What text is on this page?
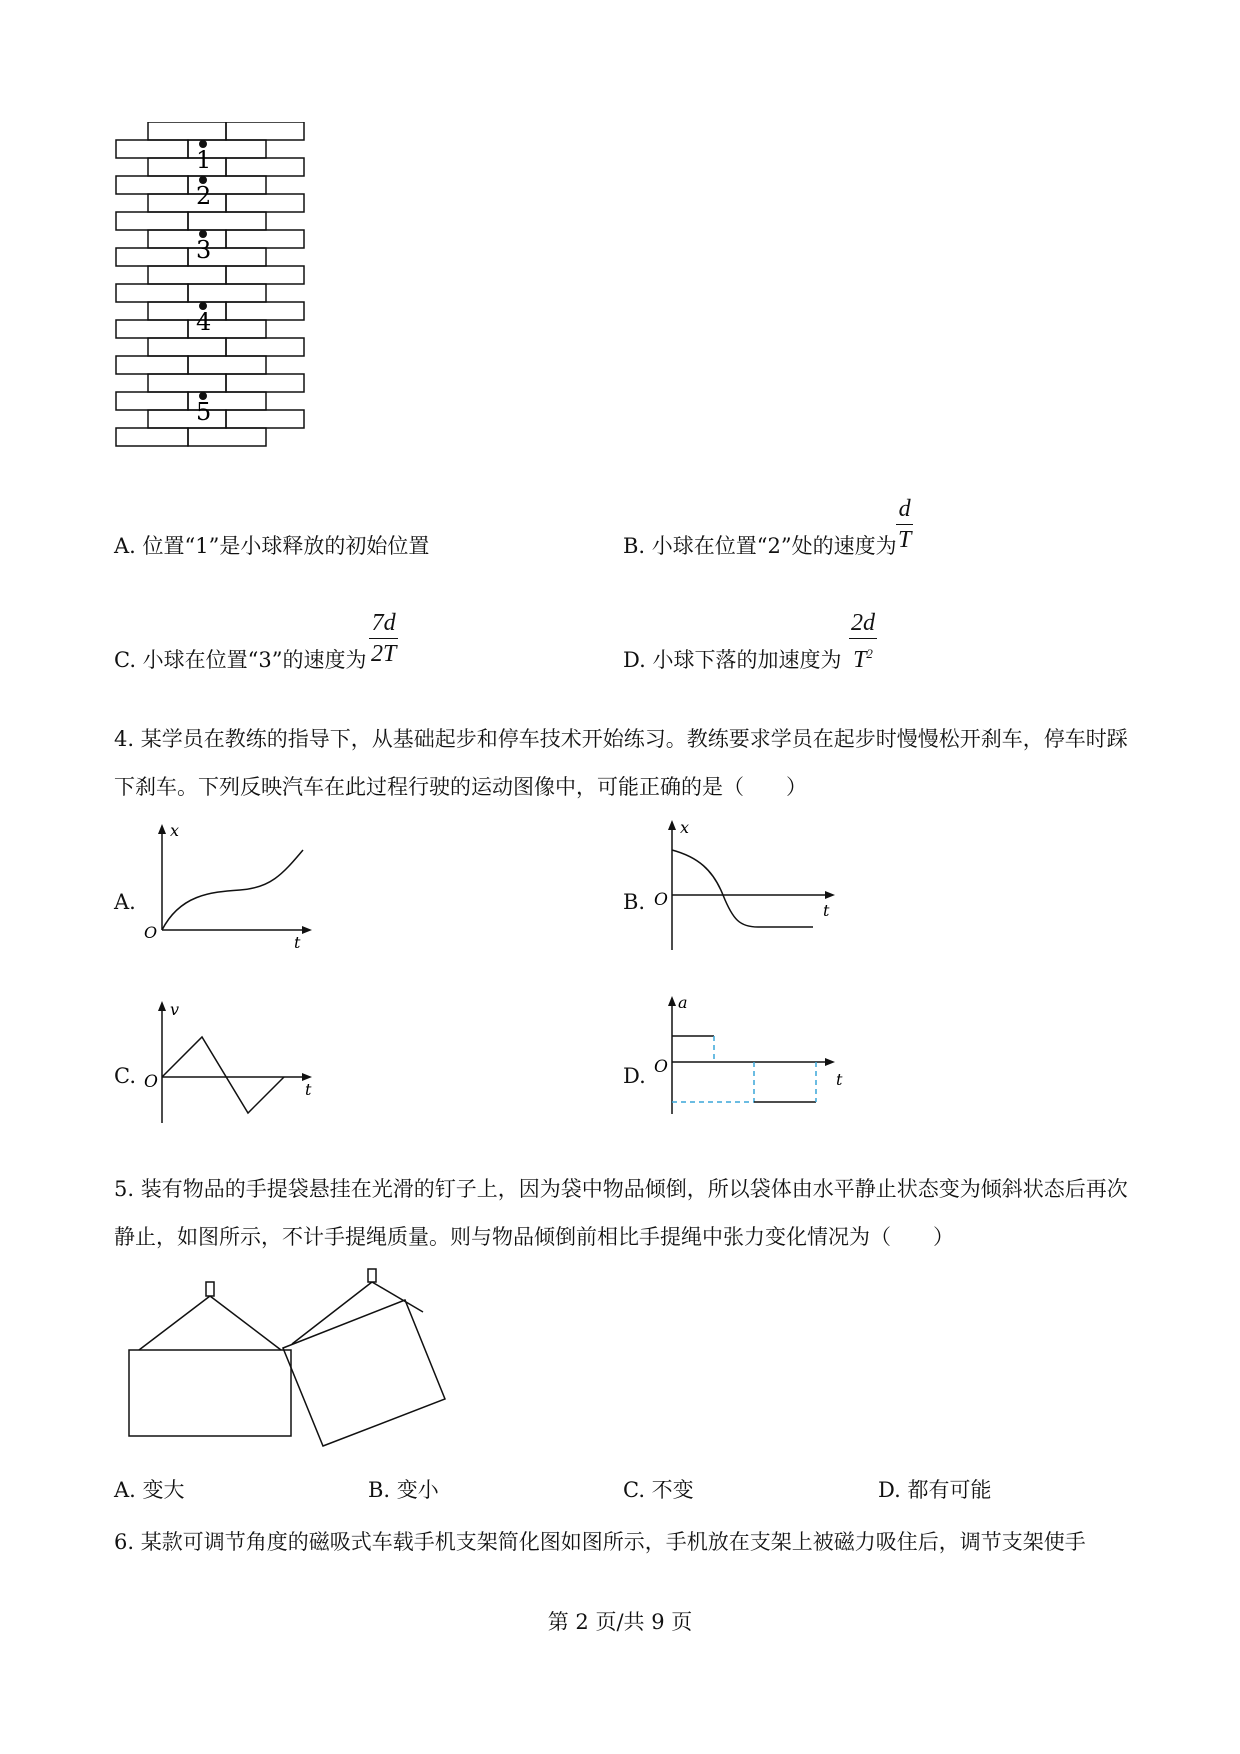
1
2
3
4
5
A. 位置“1”是小球释放的初始位置	B. 小球在位置“2”处的速度为
d
T
C. 小球在位置“3”的速度为
7d
2T	D. 小球下落的加速度为
2d
$T^2$
4. 某学员在教练的指导下，从基础起步和停车技术开始练习。教练要求学员在起步时慢慢松开刹车，停车时踩下刹车。下列反映汽车在此过程行驶的运动图像中，可能正确的是（　　）
A.
x
t
O
B.
x
t
O
C.
v
t
O	D.
a
t
O
5. 装有物品的手提袋悬挂在光滑的钉子上，因为袋中物品倾倒，所以袋体由水平静止状态变为倾斜状态后再次静止，如图所示，不计手提绳质量。则与物品倾倒前相比手提绳中张力变化情况为（　　）
A. 变大	B. 变小	C. 不变	D. 都有可能
6. 某款可调节角度的磁吸式车载手机支架简化图如图所示，手机放在支架上被磁力吸住后，调节支架使手
第 2 页/共 9 页
